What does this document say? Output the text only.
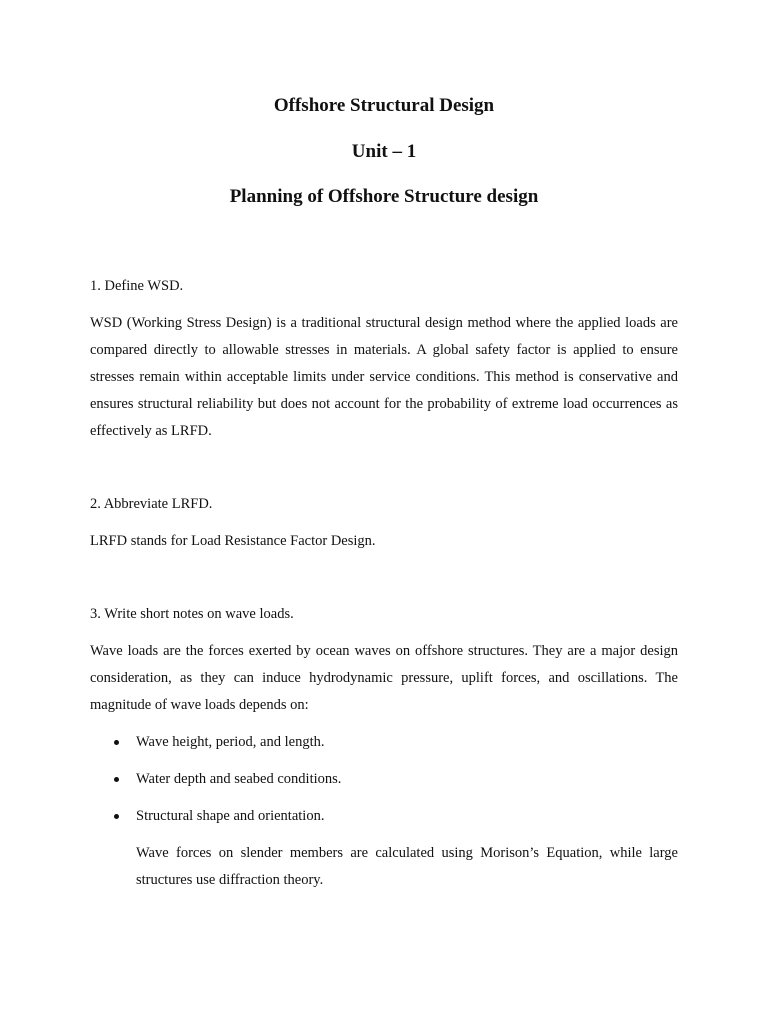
Offshore Structural Design
Unit – 1
Planning of Offshore Structure design

1. Define WSD.

WSD (Working Stress Design) is a traditional structural design method where the applied loads are compared directly to allowable stresses in materials. A global safety factor is applied to ensure stresses remain within acceptable limits under service conditions. This method is conservative and ensures structural reliability but does not account for the probability of extreme load occurrences as effectively as LRFD.

2. Abbreviate LRFD.

LRFD stands for Load Resistance Factor Design.

3. Write short notes on wave loads.

Wave loads are the forces exerted by ocean waves on offshore structures. They are a major design consideration, as they can induce hydrodynamic pressure, uplift forces, and oscillations. The magnitude of wave loads depends on:

Wave height, period, and length.
Water depth and seabed conditions.
Structural shape and orientation.

Wave forces on slender members are calculated using Morison’s Equation, while large structures use diffraction theory.
